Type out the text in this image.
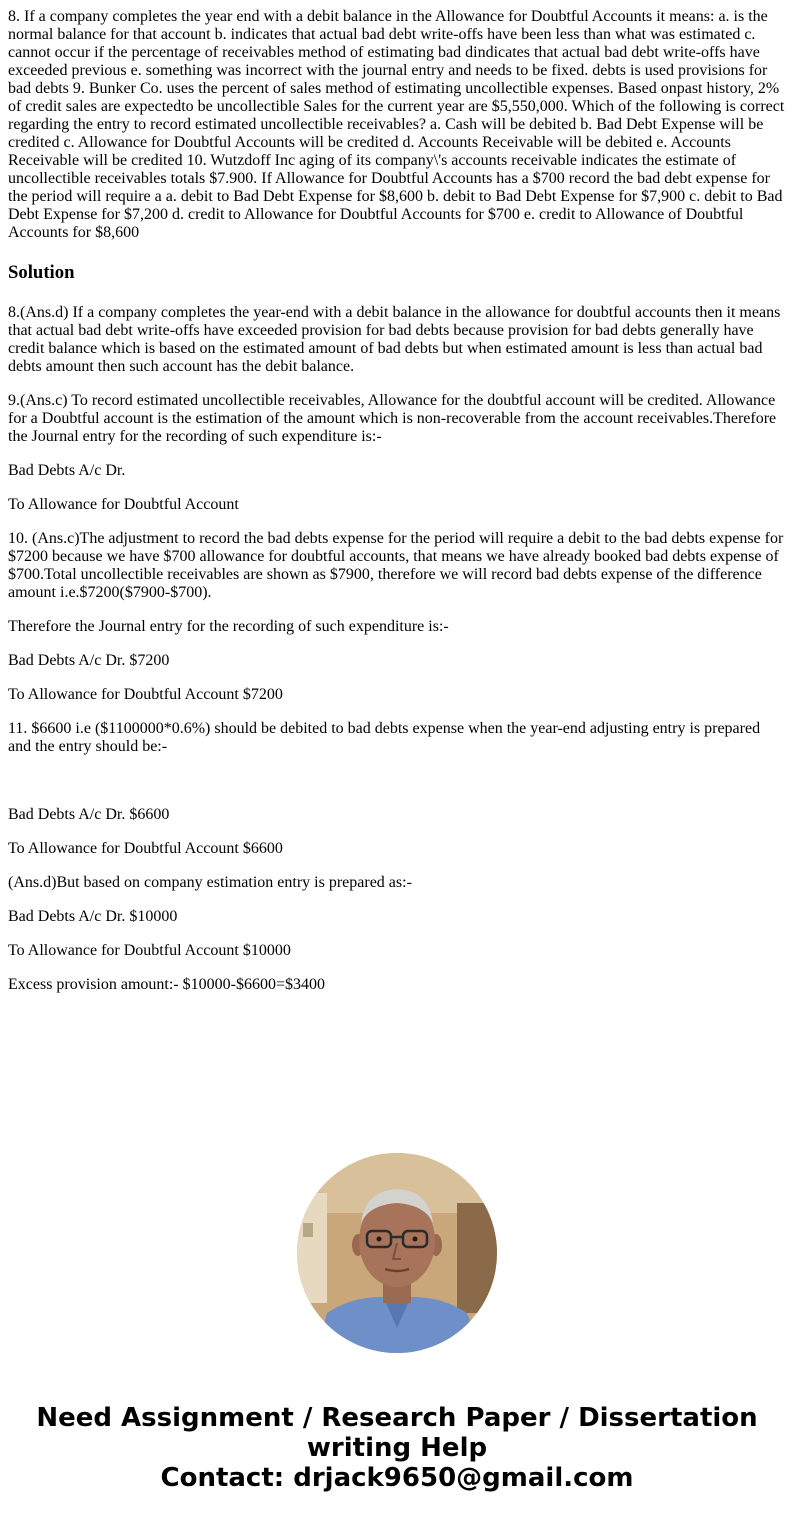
8. If a company completes the year end with a debit balance in the Allowance for Doubtful Accounts it means: a. is the normal balance for that account b. indicates that actual bad debt write-offs have been less than what was estimated c. cannot occur if the percentage of receivables method of estimating bad dindicates that actual bad debt write-offs have exceeded previous e. something was incorrect with the journal entry and needs to be fixed. debts is used provisions for bad debts 9. Bunker Co. uses the percent of sales method of estimating uncollectible expenses. Based onpast history, 2% of credit sales are expectedto be uncollectible Sales for the current year are $5,550,000. Which of the following is correct regarding the entry to record estimated uncollectible receivables? a. Cash will be debited b. Bad Debt Expense will be credited c. Allowance for Doubtful Accounts will be credited d. Accounts Receivable will be debited e. Accounts Receivable will be credited 10. Wutzdoff Inc aging of its company\'s accounts receivable indicates the estimate of uncollectible receivables totals $7.900. If Allowance for Doubtful Accounts has a $700 record the bad debt expense for the period will require a a. debit to Bad Debt Expense for $8,600 b. debit to Bad Debt Expense for $7,900 c. debit to Bad Debt Expense for $7,200 d. credit to Allowance for Doubtful Accounts for $700 e. credit to Allowance of Doubtful Accounts for $8,600

Solution

8.(Ans.d) If a company completes the year-end with a debit balance in the allowance for doubtful accounts then it means that actual bad debt write-offs have exceeded provision for bad debts because provision for bad debts generally have credit balance which is based on the estimated amount of bad debts but when estimated amount is less than actual bad debts amount then such account has the debit balance.

9.(Ans.c) To record estimated uncollectible receivables, Allowance for the doubtful account will be credited. Allowance for a Doubtful account is the estimation of the amount which is non-recoverable from the account receivables.Therefore the Journal entry for the recording of such expenditure is:-

Bad Debts A/c Dr.

To Allowance for Doubtful Account

10. (Ans.c)The adjustment to record the bad debts expense for the period will require a debit to the bad debts expense for $7200 because we have $700 allowance for doubtful accounts, that means we have already booked bad debts expense of $700.Total uncollectible receivables are shown as $7900, therefore we will record bad debts expense of the difference amount i.e.$7200($7900-$700).

Therefore the Journal entry for the recording of such expenditure is:-

Bad Debts A/c Dr. $7200

To Allowance for Doubtful Account $7200

11. $6600 i.e ($1100000*0.6%) should be debited to bad debts expense when the year-end adjusting entry is prepared and the entry should be:-

Bad Debts A/c Dr. $6600

To Allowance for Doubtful Account $6600

(Ans.d)But based on company estimation entry is prepared as:-

Bad Debts A/c Dr. $10000

To Allowance for Doubtful Account $10000

Excess provision amount:- $10000-$6600=$3400

Need Assignment / Research Paper / Dissertation
writing Help
Contact: drjack9650@gmail.com
